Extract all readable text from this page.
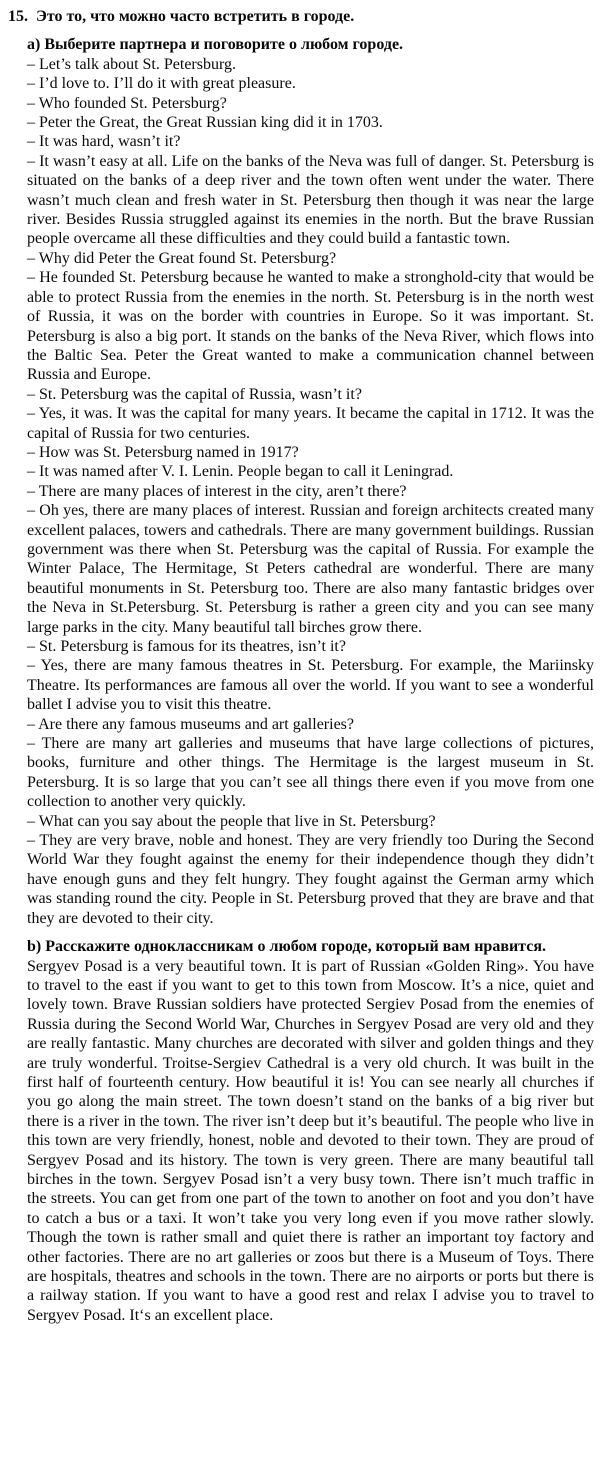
15. Это то, что можно часто встретить в городе.

а) Выберите партнера и поговорите о любом городе.

– Let’s talk about St. Petersburg.

– I’d love to. I’ll do it with great pleasure.

– Who founded St. Petersburg?

– Peter the Great, the Great Russian king did it in 1703.

– It was hard, wasn’t it?

– It wasn’t easy at all. Life on the banks of the Neva was full of danger. St. Petersburg is situated on the banks of a deep river and the town often went under the water. There wasn’t much clean and fresh water in St. Petersburg then though it was near the large river. Besides Russia struggled against its enemies in the north. But the brave Russian people overcame all these difficulties and they could build a fantastic town.

– Why did Peter the Great found St. Petersburg?

– He founded St. Petersburg because he wanted to make a stronghold-city that would be able to protect Russia from the enemies in the north. St. Petersburg is in the north west of Russia, it was on the border with countries in Europe. So it was important. St. Petersburg is also a big port. It stands on the banks of the Neva River, which flows into the Baltic Sea. Peter the Great wanted to make a communication channel between Russia and Europe.

– St. Petersburg was the capital of Russia, wasn’t it?

– Yes, it was. It was the capital for many years. It became the capital in 1712. It was the capital of Russia for two centuries.

– How was St. Petersburg named in 1917?

– It was named after V. I. Lenin. People began to call it Leningrad.

– There are many places of interest in the city, aren’t there?

– Oh yes, there are many places of interest. Russian and foreign architects created many excellent palaces, towers and cathedrals. There are many government buildings. Russian government was there when St. Petersburg was the capital of Russia. For example the Winter Palace, The Hermitage, St Peters cathedral are wonderful. There are many beautiful monuments in St. Petersburg too. There are also many fantastic bridges over the Neva in St.Petersburg. St. Petersburg is rather a green city and you can see many large parks in the city. Many beautiful tall birches grow there.

– St. Petersburg is famous for its theatres, isn’t it?

– Yes, there are many famous theatres in St. Petersburg. For example, the Mariinsky Theatre. Its performances are famous all over the world. If you want to see a wonderful ballet I advise you to visit this theatre.

– Are there any famous museums and art galleries?

– There are many art galleries and museums that have large collections of pictures, books, furniture and other things. The Hermitage is the largest museum in St. Petersburg. It is so large that you can’t see all things there even if you move from one collection to another very quickly.

– What can you say about the people that live in St. Petersburg?

– They are very brave, noble and honest. They are very friendly too During the Second World War they fought against the enemy for their independence though they didn’t have enough guns and they felt hungry. They fought against the German army which was standing round the city. People in St. Petersburg proved that they are brave and that they are devoted to their city.

b) Расскажите одноклассникам о любом городе, который вам нравится.

Sergyev Posad is a very beautiful town. It is part of Russian «Golden Ring». You have to travel to the east if you want to get to this town from Moscow. It’s a nice, quiet and lovely town. Brave Russian soldiers have protected Sergiev Posad from the enemies of Russia during the Second World War, Churches in Sergyev Posad are very old and they are really fantastic. Many churches are decorated with silver and golden things and they are truly wonderful. Troitse-Sergiev Cathedral is a very old church. It was built in the first half of fourteenth century. How beautiful it is! You can see nearly all churches if you go along the main street. The town doesn’t stand on the banks of a big river but there is a river in the town. The river isn’t deep but it’s beautiful. The people who live in this town are very friendly, honest, noble and devoted to their town. They are proud of Sergyev Posad and its history. The town is very green. There are many beautiful tall birches in the town. Sergyev Posad isn’t a very busy town. There isn’t much traffic in the streets. You can get from one part of the town to another on foot and you don’t have to catch a bus or a taxi. It won’t take you very long even if you move rather slowly. Though the town is rather small and quiet there is rather an important toy factory and other factories. There are no art galleries or zoos but there is a Museum of Toys. There are hospitals, theatres and schools in the town. There are no airports or ports but there is a railway station. If you want to have a good rest and relax I advise you to travel to Sergyev Posad. It‘s an excellent place.
